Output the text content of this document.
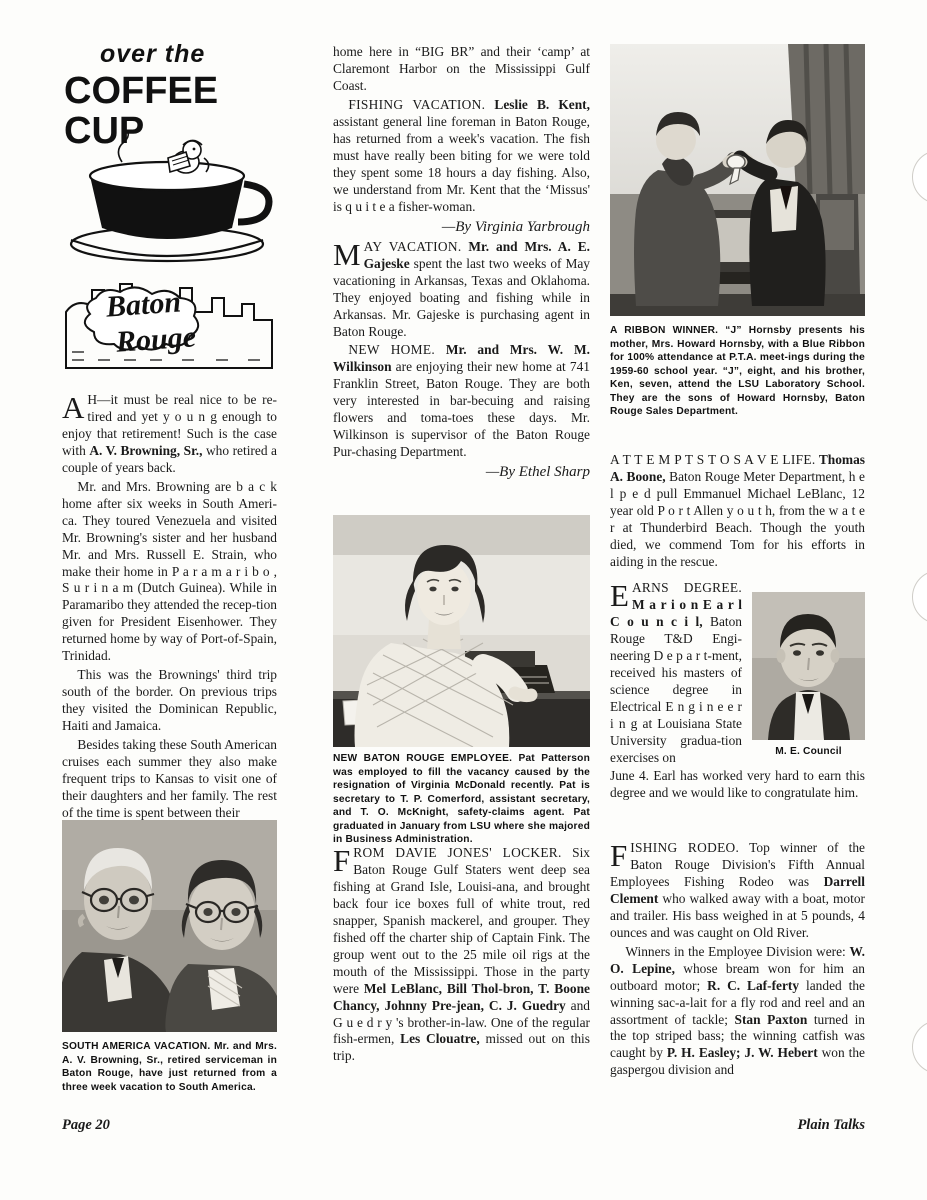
over the
COFFEE
CUP
Baton
Rouge

A H—it must be real nice to be re-tired and yet y o u n g enough to enjoy that retirement! Such is the case with A. V. Browning, Sr., who retired a couple of years back.

Mr. and Mrs. Browning are b a c k home after six weeks in South Ameri-ca. They toured Venezuela and visited Mr. Browning's sister and her husband Mr. and Mrs. Russell E. Strain, who make their home in P a r a m a r i b o , S u r i n a m (Dutch Guinea). While in Paramaribo they attended the recep-tion given for President Eisenhower. They returned home by way of Port-of-Spain, Trinidad.

This was the Brownings' third trip south of the border. On previous trips they visited the Dominican Republic, Haiti and Jamaica.

Besides taking these South American cruises each summer they also make frequent trips to Kansas to visit one of their daughters and her family. The rest of the time is spent between their

home here in “BIG BR” and their ‘camp’ at Claremont Harbor on the Mississippi Gulf Coast.

FISHING VACATION. Leslie B. Kent, assistant general line foreman in Baton Rouge, has returned from a week's vacation. The fish must have really been biting for we were told they spent some 18 hours a day fishing. Also, we understand from Mr. Kent that the ‘Missus' is q u i t e a fisher-woman.

—By Virginia Yarbrough

MAY VACATION. Mr. and Mrs. A. E. Gajeske spent the last two weeks of May vacationing in Arkansas, Texas and Oklahoma. They enjoyed boating and fishing while in Arkansas. Mr. Gajeske is purchasing agent in Baton Rouge.

NEW HOME. Mr. and Mrs. W. M. Wilkinson are enjoying their new home at 741 Franklin Street, Baton Rouge. They are both very interested in bar-becuing and raising flowers and toma-toes these days. Mr. Wilkinson is supervisor of the Baton Rouge Pur-chasing Department.

—By Ethel Sharp

FROM DAVIE JONES' LOCKER. Six Baton Rouge Gulf Staters went deep sea fishing at Grand Isle, Louisi-ana, and brought back four ice boxes full of white trout, red snapper, Spanish mackerel, and grouper. They fished off the charter ship of Captain Fink. The group went out to the 25 mile oil rigs at the mouth of the Mississippi. Those in the party were Mel LeBlanc, Bill Thol-bron, T. Boone Chancy, Johnny Pre-jean, C. J. Guedry and G u e d r y 's brother-in-law. One of the regular fish-ermen, Les Clouatre, missed out on this trip.

A T T E M P T S T O S A V E LIFE. Thomas A. Boone, Baton Rouge Meter Department, h e l p e d pull Emmanuel Michael LeBlanc, 12 year old P o r t Allen y o u t h, from the w a t e r at Thunderbird Beach. Though the youth died, we commend Tom for his efforts in aiding in the rescue.

EARNS DEGREE. M a r i o n E a r l C o u n c i l, Baton Rouge T&D Engi-neering D e p a r t-ment, received his masters of science degree in Electrical E n g i n e e r i n g at Louisiana State University gradua-tion exercises on

June 4. Earl has worked very hard to earn this degree and we would like to congratulate him.

FISHING RODEO. Top winner of the Baton Rouge Division's Fifth Annual Employees Fishing Rodeo was Darrell Clement who walked away with a boat, motor and trailer. His bass weighed in at 5 pounds, 4 ounces and was caught on Old River.

Winners in the Employee Division were: W. O. Lepine, whose bream won for him an outboard motor; R. C. Laf-ferty landed the winning sac-a-lait for a fly rod and reel and an assortment of tackle; Stan Paxton turned in the top striped bass; the winning catfish was caught by P. H. Easley; J. W. Hebert won the gaspergou division and

A RIBBON WINNER. “J” Hornsby presents his mother, Mrs. Howard Hornsby, with a Blue Ribbon for 100% attendance at P.T.A. meet-ings during the 1959-60 school year. “J”, eight, and his brother, Ken, seven, attend the LSU Laboratory School. They are the sons of Howard Hornsby, Baton Rouge Sales Department.
NEW BATON ROUGE EMPLOYEE. Pat Patterson was employed to fill the vacancy caused by the resignation of Virginia McDonald recently. Pat is secretary to T. P. Comerford, assistant secretary, and T. O. McKnight, safety-claims agent. Pat graduated in January from LSU where she majored in Business Administration.
SOUTH AMERICA VACATION. Mr. and Mrs. A. V. Browning, Sr., retired serviceman in Baton Rouge, have just returned from a three week vacation to South America.
M. E. Council
Page 20	Plain Talks
